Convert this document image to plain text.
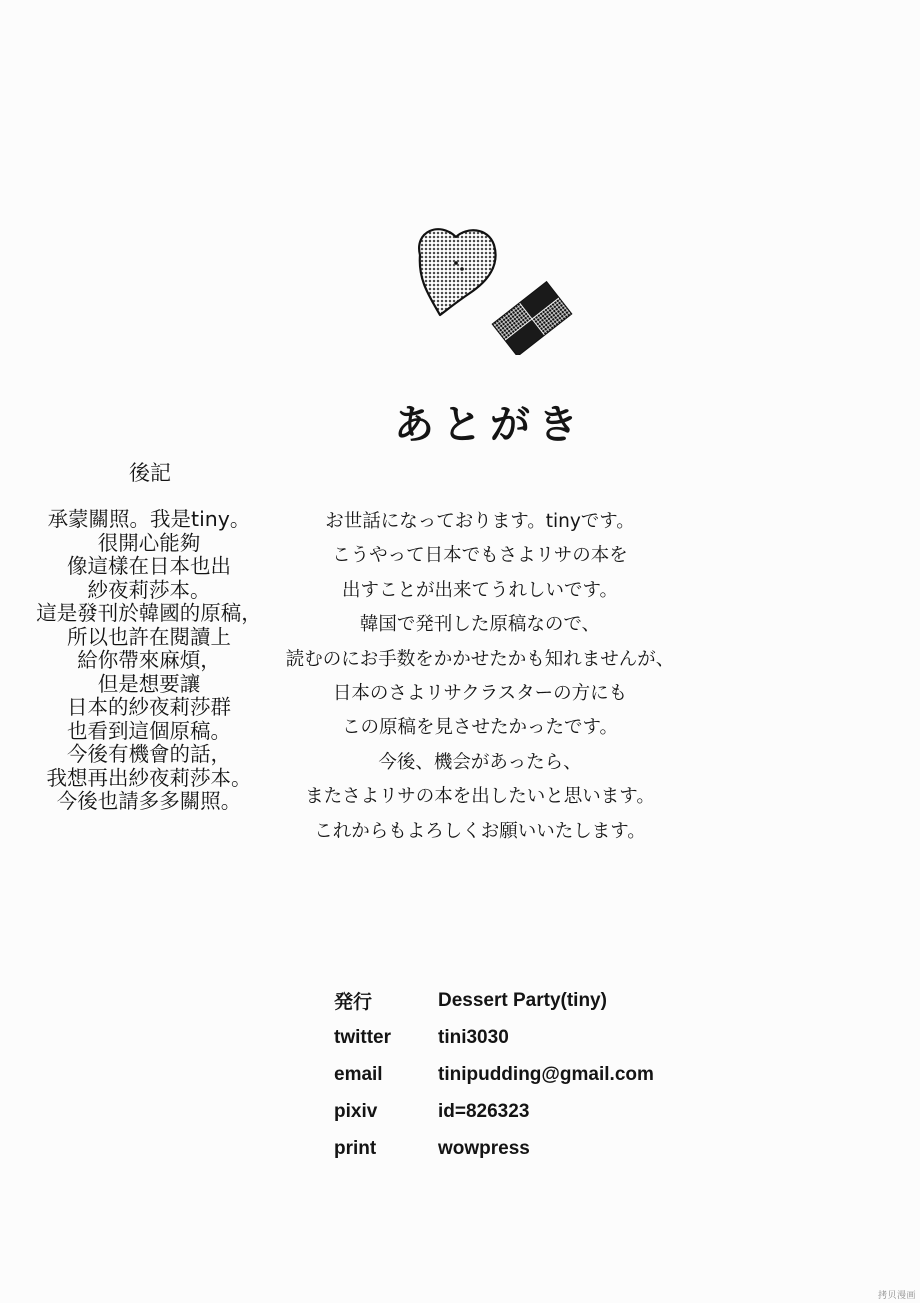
あとがき
後記
承蒙關照。我是tiny。
很開心能夠
像這樣在日本也出
紗夜莉莎本。
這是發刊於韓國的原稿，
所以也許在閱讀上
給你帶來麻煩，
但是想要讓
日本的紗夜莉莎群
也看到這個原稿。
今後有機會的話，
我想再出紗夜莉莎本。
今後也請多多關照。
お世話になっております。tinyです。
こうやって日本でもさよリサの本を
出すことが出来てうれしいです。
韓国で発刊した原稿なので、
読むのにお手数をかかせたかも知れませんが、
日本のさよリサクラスターの方にも
この原稿を見させたかったです。
今後、機会があったら、
またさよリサの本を出したいと思います。
これからもよろしくお願いいたします。
発行	Dessert Party(tiny)
twitter	tini3030
email	tinipudding@gmail.com
pixiv	id=826323
print	wowpress
拷贝漫画
